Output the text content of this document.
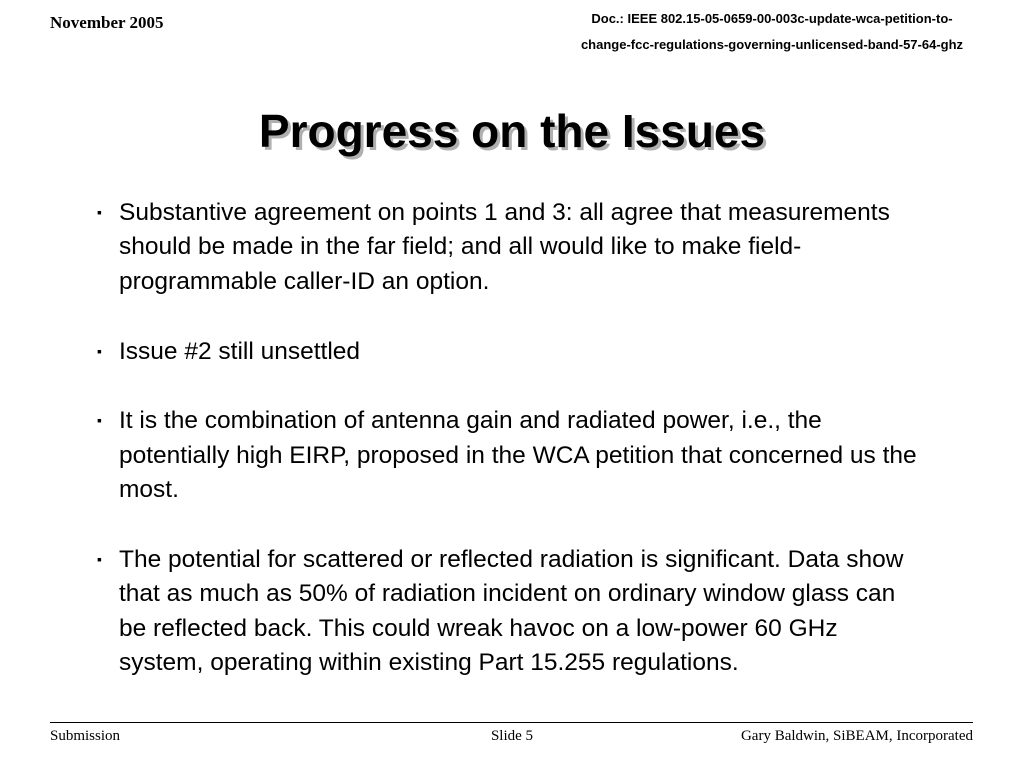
November 2005	Doc.: IEEE 802.15-05-0659-00-003c-update-wca-petition-to-
change-fcc-regulations-governing-unlicensed-band-57-64-ghz
Progress on the Issues
▪ Substantive agreement on points 1 and 3: all agree that measurements should be made in the far field; and all would like to make field-programmable caller-ID an option.
▪ Issue #2 still unsettled
▪ It is the combination of antenna gain and radiated power, i.e., the potentially high EIRP, proposed in the WCA petition that concerned us the most.
▪ The potential for scattered or reflected radiation is significant. Data show that as much as 50% of radiation incident on ordinary window glass can be reflected back. This could wreak havoc on a low-power 60 GHz system, operating within existing Part 15.255 regulations.
Submission	Slide 5	Gary Baldwin, SiBEAM, Incorporated
